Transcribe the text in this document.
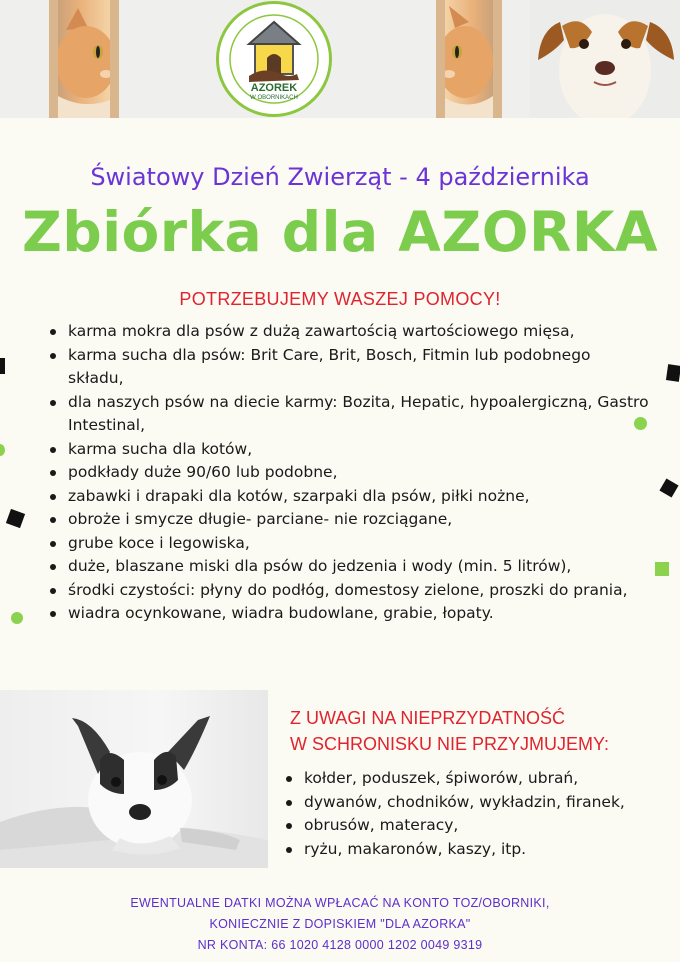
AZOREK
W OBORNIKACH
Światowy Dzień Zwierząt - 4 października
Zbiórka dla AZORKA
POTRZEBUJEMY WASZEJ POMOCY!
karma mokra dla psów z dużą zawartością wartościowego mięsa,
karma sucha dla psów: Brit Care, Brit, Bosch, Fitmin lub podobnego składu,
dla naszych psów na diecie karmy: Bozita, Hepatic, hypoalergiczną, Gastro Intestinal,
karma sucha dla kotów,
podkłady duże 90/60 lub podobne,
zabawki i drapaki dla kotów, szarpaki dla psów, piłki nożne,
obroże i smycze długie- parciane- nie rozciągane,
grube koce i legowiska,
duże, blaszane miski dla psów do jedzenia i wody (min. 5 litrów),
środki czystości: płyny do podłóg, domestosy zielone, proszki do prania,
wiadra ocynkowane, wiadra budowlane, grabie, łopaty.
Z UWAGI NA NIEPRZYDATNOŚĆ
W SCHRONISKU NIE PRZYJMUJEMY:
kołder, poduszek, śpiworów, ubrań,
dywanów, chodników, wykładzin, firanek,
obrusów, materacy,
ryżu, makaronów, kaszy, itp.
EWENTUALNE DATKI MOŻNA WPŁACAĆ NA KONTO TOZ/OBORNIKI,
KONIECZNIE Z DOPISKIEM "DLA AZORKA"
NR KONTA: 66 1020 4128 0000 1202 0049 9319
